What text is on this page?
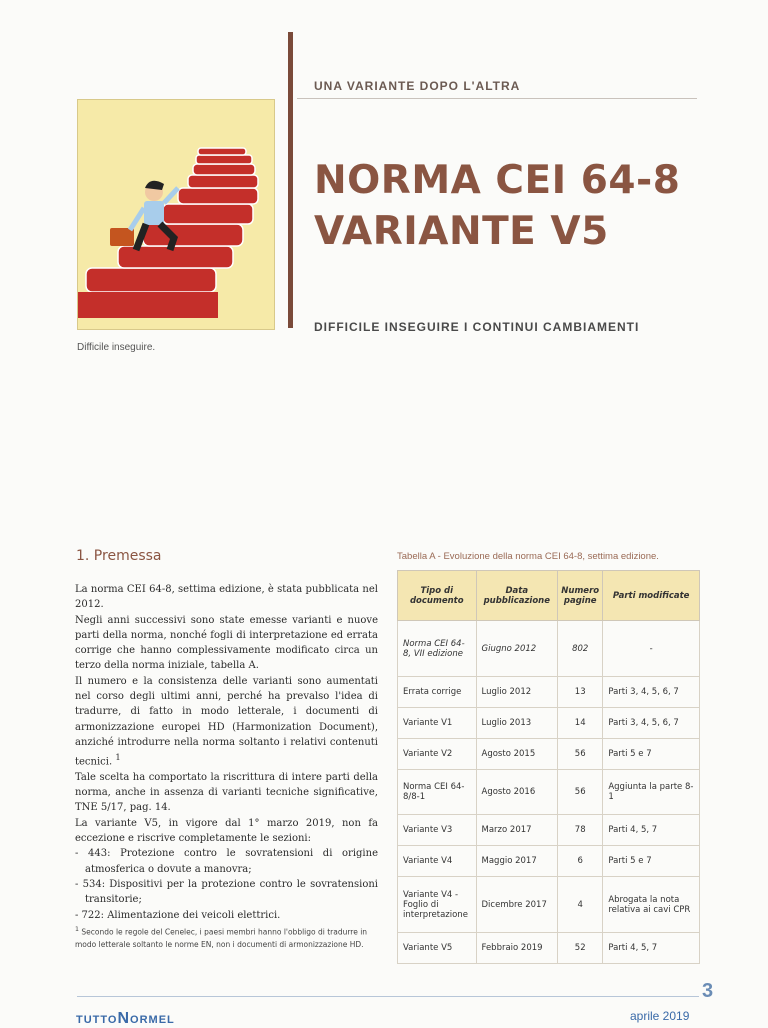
UNA VARIANTE DOPO L'ALTRA
NORMA CEI 64-8
VARIANTE V5
DIFFICILE INSEGUIRE I CONTINUI CAMBIAMENTI
Difficile inseguire.
1. Premessa

La norma CEI 64-8, settima edizione, è stata pubblicata nel 2012.

Negli anni successivi sono state emesse varianti e nuove parti della norma, nonché fogli di interpretazione ed errata corrige che hanno complessivamente modificato circa un terzo della norma iniziale, tabella A.

Il numero e la consistenza delle varianti sono aumentati nel corso degli ultimi anni, perché ha prevalso l'idea di tradurre, di fatto in modo letterale, i documenti di armonizzazione europei HD (Harmonization Document), anziché introdurre nella norma soltanto i relativi contenuti tecnici. $^1$

Tale scelta ha comportato la riscrittura di intere parti della norma, anche in assenza di varianti tecniche significative, TNE 5/17, pag. 14.

La variante V5, in vigore dal 1° marzo 2019, non fa eccezione e riscrive completamente le sezioni:

- 443: Protezione contro le sovratensioni di origine atmosferica o dovute a manovra;
- 534: Dispositivi per la protezione contro le sovratensioni transitorie;
- 722: Alimentazione dei veicoli elettrici.
$^1$ Secondo le regole del Cenelec, i paesi membri hanno l'obbligo di tradurre in modo letterale soltanto le norme EN, non i documenti di armonizzazione HD.
Tabella A - Evoluzione della norma CEI 64-8, settima edizione.
Tipo di documento	Data pubblicazione	Numero pagine	Parti modificate
Norma CEI 64-8, VII edizione	Giugno 2012	802	-
Errata corrige	Luglio 2012	13	Parti 3, 4, 5, 6, 7
Variante V1	Luglio 2013	14	Parti 3, 4, 5, 6, 7
Variante V2	Agosto 2015	56	Parti 5 e 7
Norma CEI 64-8/8-1	Agosto 2016	56	Aggiunta la parte 8-1
Variante V3	Marzo 2017	78	Parti 4, 5, 7
Variante V4	Maggio 2017	6	Parti 5 e 7
Variante V4 - Foglio di interpretazione	Dicembre 2017	4	Abrogata la nota relativa ai cavi CPR
Variante V5	Febbraio 2019	52	Parti 4, 5, 7
3
TUTTONORMEL	aprile 2019
